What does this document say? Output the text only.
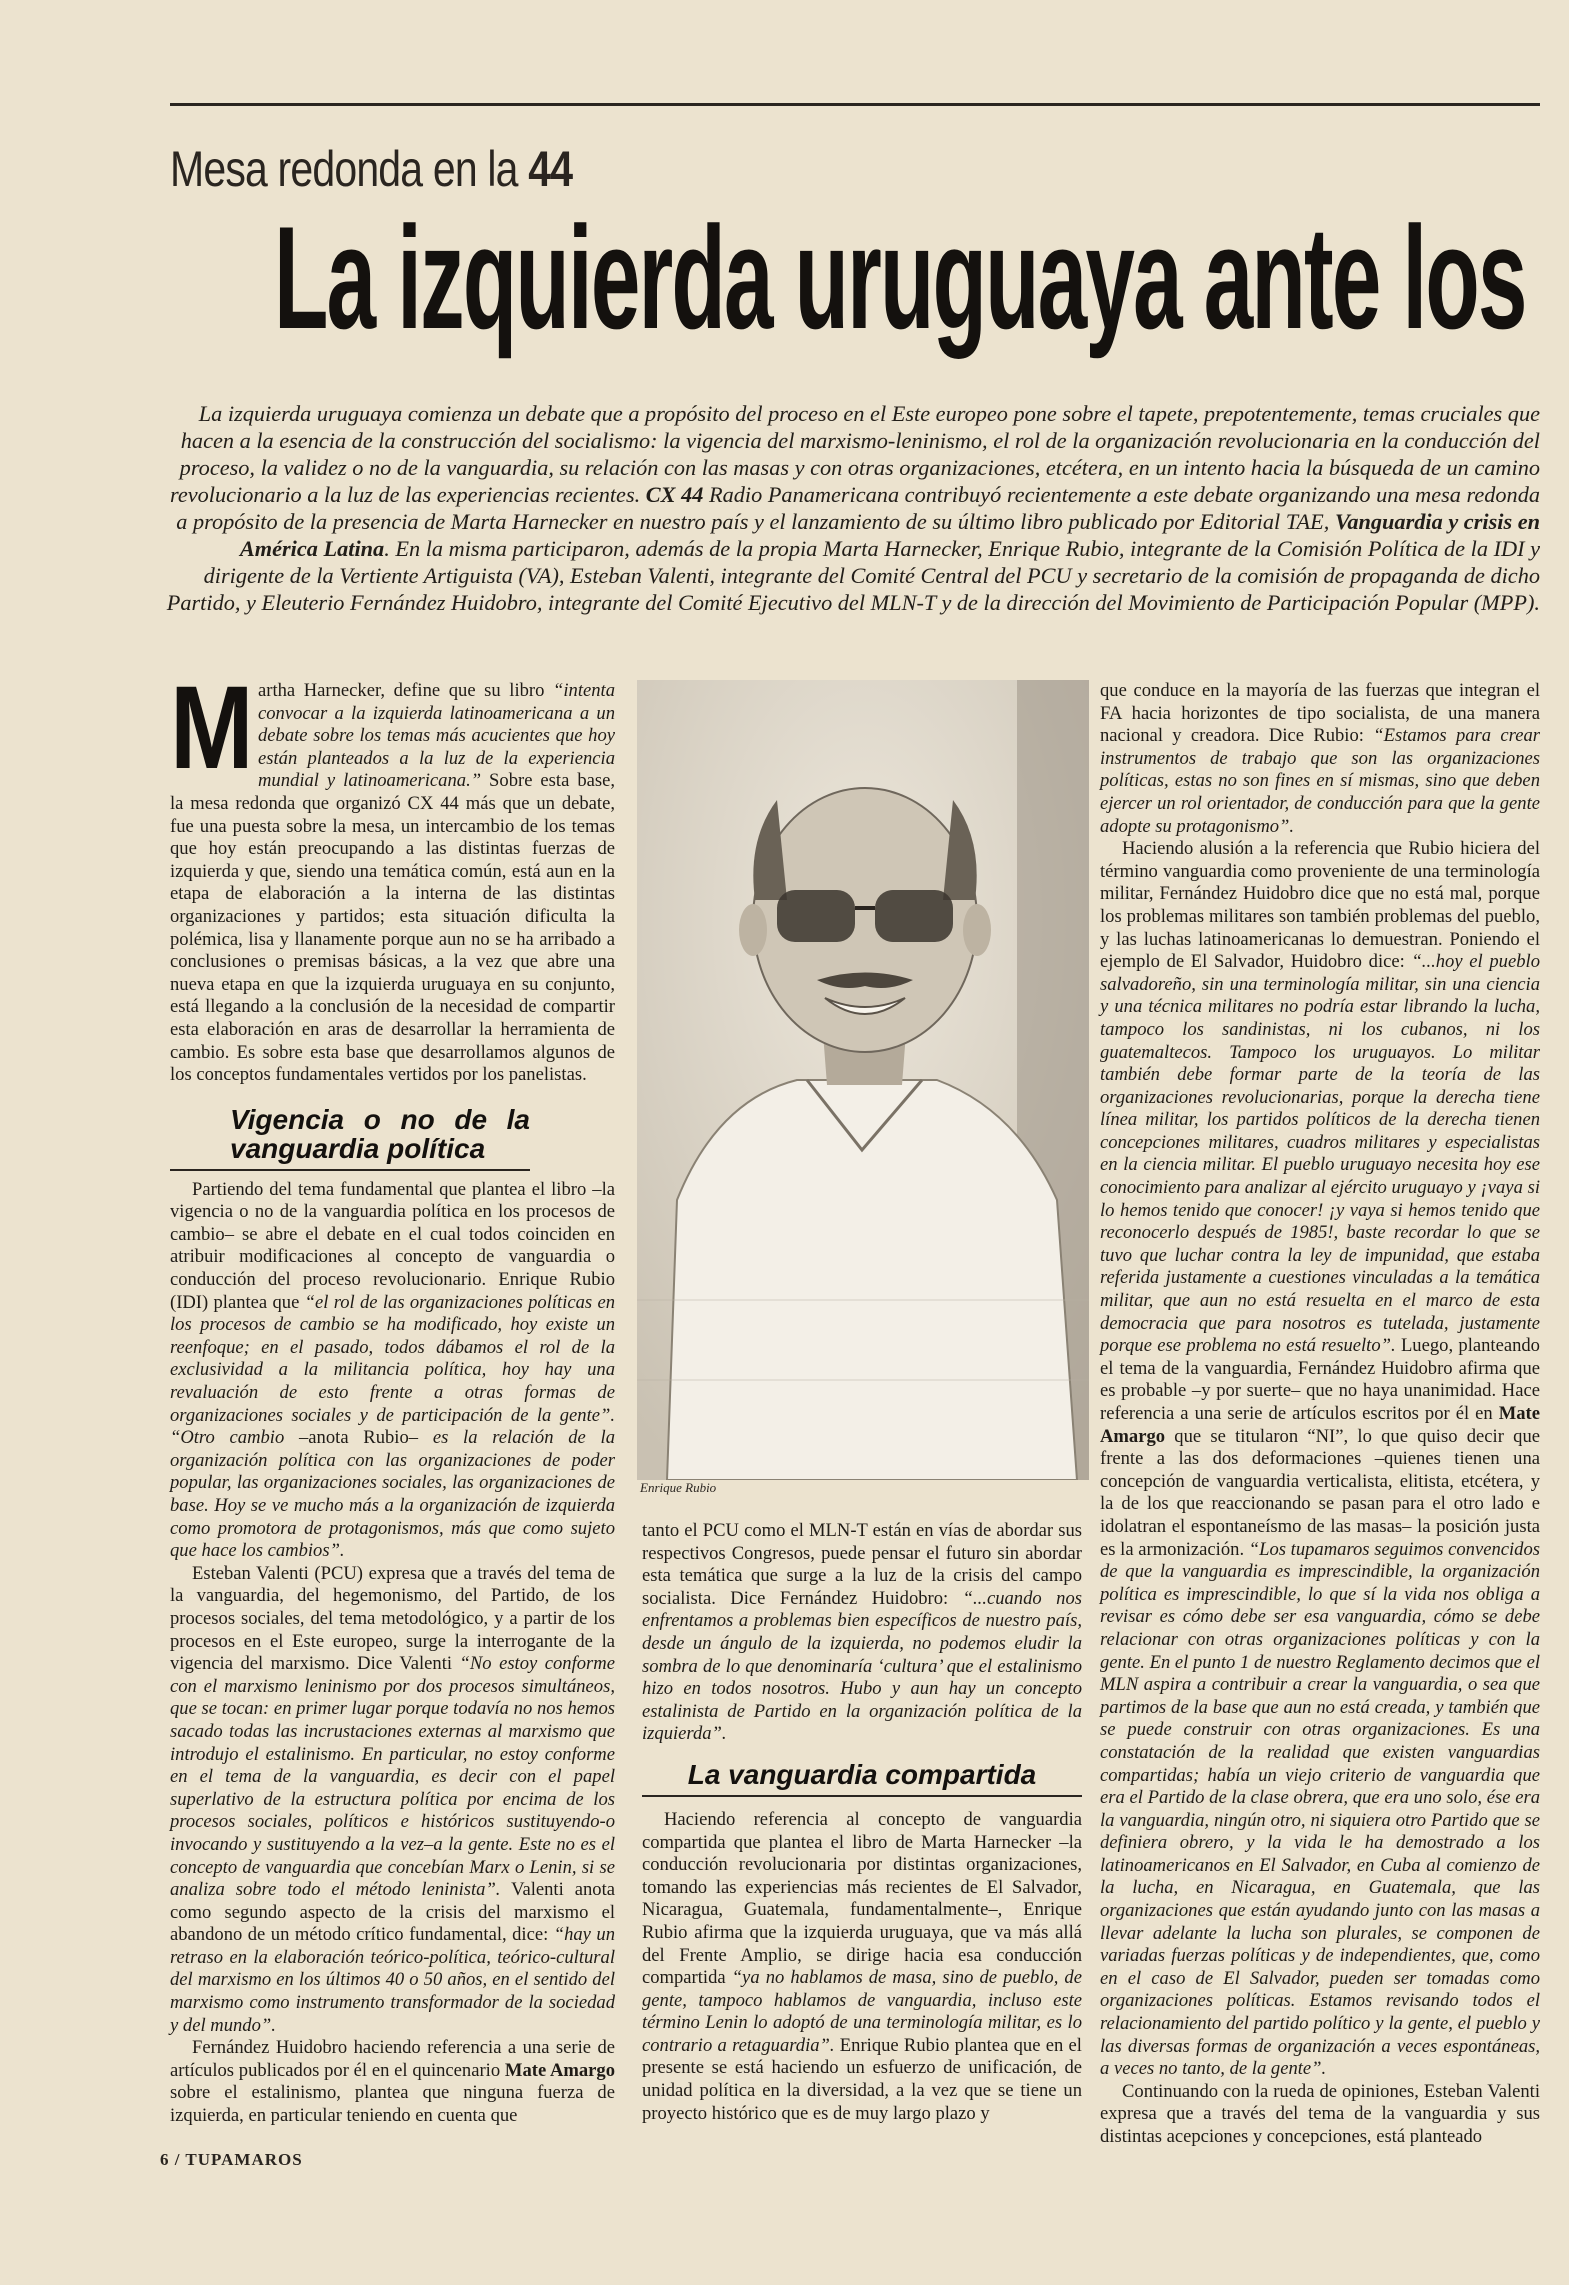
Mesa redonda en la 44
La izquierda uruguaya ante los
La izquierda uruguaya comienza un debate que a propósito del proceso en el Este europeo pone sobre el tapete, prepotentemente, temas cruciales que hacen a la esencia de la construcción del socialismo: la vigencia del marxismo-leninismo, el rol de la organización revolucionaria en la conducción del proceso, la validez o no de la vanguardia, su relación con las masas y con otras organizaciones, etcétera, en un intento hacia la búsqueda de un camino revolucionario a la luz de las experiencias recientes. CX 44 Radio Panamericana contribuyó recientemente a este debate organizando una mesa redonda a propósito de la presencia de Marta Harnecker en nuestro país y el lanzamiento de su último libro publicado por Editorial TAE, Vanguardia y crisis en América Latina. En la misma participaron, además de la propia Marta Harnecker, Enrique Rubio, integrante de la Comisión Política de la IDI y dirigente de la Vertiente Artiguista (VA), Esteban Valenti, integrante del Comité Central del PCU y secretario de la comisión de propaganda de dicho Partido, y Eleuterio Fernández Huidobro, integrante del Comité Ejecutivo del MLN-T y de la dirección del Movimiento de Participación Popular (MPP).

Martha Harnecker, define que su libro “intenta convocar a la izquierda latinoamericana a un debate sobre los temas más acucientes que hoy están planteados a la luz de la experiencia mundial y latinoamericana.” Sobre esta base, la mesa redonda que organizó CX 44 más que un debate, fue una puesta sobre la mesa, un intercambio de los temas que hoy están preocupando a las distintas fuerzas de izquierda y que, siendo una temática común, está aun en la etapa de elaboración a la interna de las distintas organizaciones y partidos; esta situación dificulta la polémica, lisa y llanamente porque aun no se ha arribado a conclusiones o premisas básicas, a la vez que abre una nueva etapa en que la izquierda uruguaya en su conjunto, está llegando a la conclusión de la necesidad de compartir esta elaboración en aras de desarrollar la herramienta de cambio. Es sobre esta base que desarrollamos algunos de los conceptos fundamentales vertidos por los panelistas.

Vigencia o no de la vanguardia política

Partiendo del tema fundamental que plantea el libro –la vigencia o no de la vanguardia política en los procesos de cambio– se abre el debate en el cual todos coinciden en atribuir modificaciones al concepto de vanguardia o conducción del proceso revolucionario. Enrique Rubio (IDI) plantea que “el rol de las organizaciones políticas en los procesos de cambio se ha modificado, hoy existe un reenfoque; en el pasado, todos dábamos el rol de la exclusividad a la militancia política, hoy hay una revaluación de esto frente a otras formas de organizaciones sociales y de participación de la gente”. “Otro cambio –anota Rubio– es la relación de la organización política con las organizaciones de poder popular, las organizaciones sociales, las organizaciones de base. Hoy se ve mucho más a la organización de izquierda como promotora de protagonismos, más que como sujeto que hace los cambios”.

Esteban Valenti (PCU) expresa que a través del tema de la vanguardia, del hegemonismo, del Partido, de los procesos sociales, del tema metodológico, y a partir de los procesos en el Este europeo, surge la interrogante de la vigencia del marxismo. Dice Valenti “No estoy conforme con el marxismo leninismo por dos procesos simultáneos, que se tocan: en primer lugar porque todavía no nos hemos sacado todas las incrustaciones externas al marxismo que introdujo el estalinismo. En particular, no estoy conforme en el tema de la vanguardia, es decir con el papel superlativo de la estructura política por encima de los procesos sociales, políticos e históricos sustituyendo-o invocando y sustituyendo a la vez–a la gente. Este no es el concepto de vanguardia que concebían Marx o Lenin, si se analiza sobre todo el método leninista”. Valenti anota como segundo aspecto de la crisis del marxismo el abandono de un método crítico fundamental, dice: “hay un retraso en la elaboración teórico-política, teórico-cultural del marxismo en los últimos 40 o 50 años, en el sentido del marxismo como instrumento transformador de la sociedad y del mundo”.

Fernández Huidobro haciendo referencia a una serie de artículos publicados por él en el quincenario Mate Amargo sobre el estalinismo, plantea que ninguna fuerza de izquierda, en particular teniendo en cuenta que

Enrique Rubio

tanto el PCU como el MLN-T están en vías de abordar sus respectivos Congresos, puede pensar el futuro sin abordar esta temática que surge a la luz de la crisis del campo socialista. Dice Fernández Huidobro: “...cuando nos enfrentamos a problemas bien específicos de nuestro país, desde un ángulo de la izquierda, no podemos eludir la sombra de lo que denominaría ‘cultura’ que el estalinismo hizo en todos nosotros. Hubo y aun hay un concepto estalinista de Partido en la organización política de la izquierda”.

La vanguardia compartida

Haciendo referencia al concepto de vanguardia compartida que plantea el libro de Marta Harnecker –la conducción revolucionaria por distintas organizaciones, tomando las experiencias más recientes de El Salvador, Nicaragua, Guatemala, fundamentalmente–, Enrique Rubio afirma que la izquierda uruguaya, que va más allá del Frente Amplio, se dirige hacia esa conducción compartida “ya no hablamos de masa, sino de pueblo, de gente, tampoco hablamos de vanguardia, incluso este término Lenin lo adoptó de una terminología militar, es lo contrario a retaguardia”. Enrique Rubio plantea que en el presente se está haciendo un esfuerzo de unificación, de unidad política en la diversidad, a la vez que se tiene un proyecto histórico que es de muy largo plazo y

que conduce en la mayoría de las fuerzas que integran el FA hacia horizontes de tipo socialista, de una manera nacional y creadora. Dice Rubio: “Estamos para crear instrumentos de trabajo que son las organizaciones políticas, estas no son fines en sí mismas, sino que deben ejercer un rol orientador, de conducción para que la gente adopte su protagonismo”.

Haciendo alusión a la referencia que Rubio hiciera del término vanguardia como proveniente de una terminología militar, Fernández Huidobro dice que no está mal, porque los problemas militares son también problemas del pueblo, y las luchas latinoamericanas lo demuestran. Poniendo el ejemplo de El Salvador, Huidobro dice: “...hoy el pueblo salvadoreño, sin una terminología militar, sin una ciencia y una técnica militares no podría estar librando la lucha, tampoco los sandinistas, ni los cubanos, ni los guatemaltecos. Tampoco los uruguayos. Lo militar también debe formar parte de la teoría de las organizaciones revolucionarias, porque la derecha tiene línea militar, los partidos políticos de la derecha tienen concepciones militares, cuadros militares y especialistas en la ciencia militar. El pueblo uruguayo necesita hoy ese conocimiento para analizar al ejército uruguayo y ¡vaya si lo hemos tenido que conocer! ¡y vaya si hemos tenido que reconocerlo después de 1985!, baste recordar lo que se tuvo que luchar contra la ley de impunidad, que estaba referida justamente a cuestiones vinculadas a la temática militar, que aun no está resuelta en el marco de esta democracia que para nosotros es tutelada, justamente porque ese problema no está resuelto”. Luego, planteando el tema de la vanguardia, Fernández Huidobro afirma que es probable –y por suerte– que no haya unanimidad. Hace referencia a una serie de artículos escritos por él en Mate Amargo que se titularon “NI”, lo que quiso decir que frente a las dos deformaciones –quienes tienen una concepción de vanguardia verticalista, elitista, etcétera, y la de los que reaccionando se pasan para el otro lado e idolatran el espontaneísmo de las masas– la posición justa es la armonización. “Los tupamaros seguimos convencidos de que la vanguardia es imprescindible, la organización política es imprescindible, lo que sí la vida nos obliga a revisar es cómo debe ser esa vanguardia, cómo se debe relacionar con otras organizaciones políticas y con la gente. En el punto 1 de nuestro Reglamento decimos que el MLN aspira a contribuir a crear la vanguardia, o sea que partimos de la base que aun no está creada, y también que se puede construir con otras organizaciones. Es una constatación de la realidad que existen vanguardias compartidas; había un viejo criterio de vanguardia que era el Partido de la clase obrera, que era uno solo, ése era la vanguardia, ningún otro, ni siquiera otro Partido que se definiera obrero, y la vida le ha demostrado a los latinoamericanos en El Salvador, en Cuba al comienzo de la lucha, en Nicaragua, en Guatemala, que las organizaciones que están ayudando junto con las masas a llevar adelante la lucha son plurales, se componen de variadas fuerzas políticas y de independientes, que, como en el caso de El Salvador, pueden ser tomadas como organizaciones políticas. Estamos revisando todos el relacionamiento del partido político y la gente, el pueblo y las diversas formas de organización a veces espontáneas, a veces no tanto, de la gente”.

Continuando con la rueda de opiniones, Esteban Valenti expresa que a través del tema de la vanguardia y sus distintas acepciones y concepciones, está planteado

6 / TUPAMAROS
